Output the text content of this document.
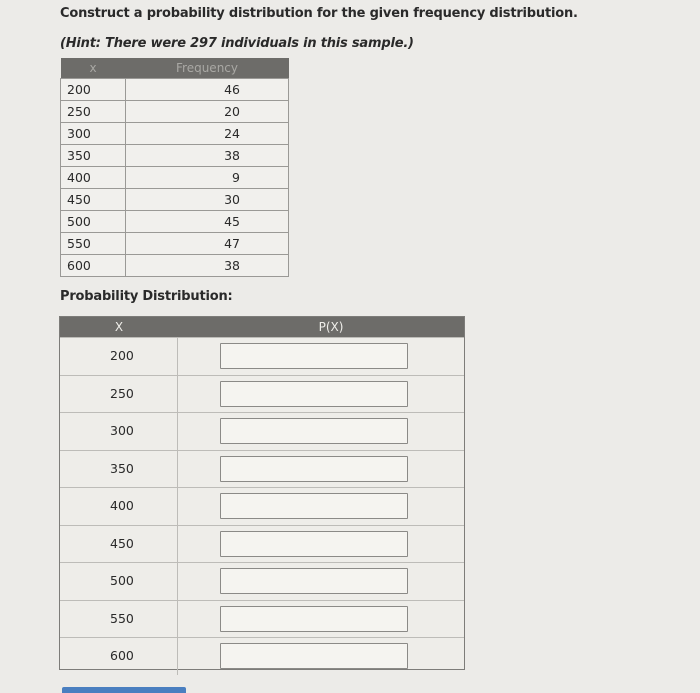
Construct a probability distribution for the given frequency distribution.
(Hint: There were 297 individuals in this sample.)
x	Frequency
200	46
250	20
300	24
350	38
400	9
450	30
500	45
550	47
600	38
Probability Distribution:
X	P(X)
200
250
300
350
400
450
500
550
600
